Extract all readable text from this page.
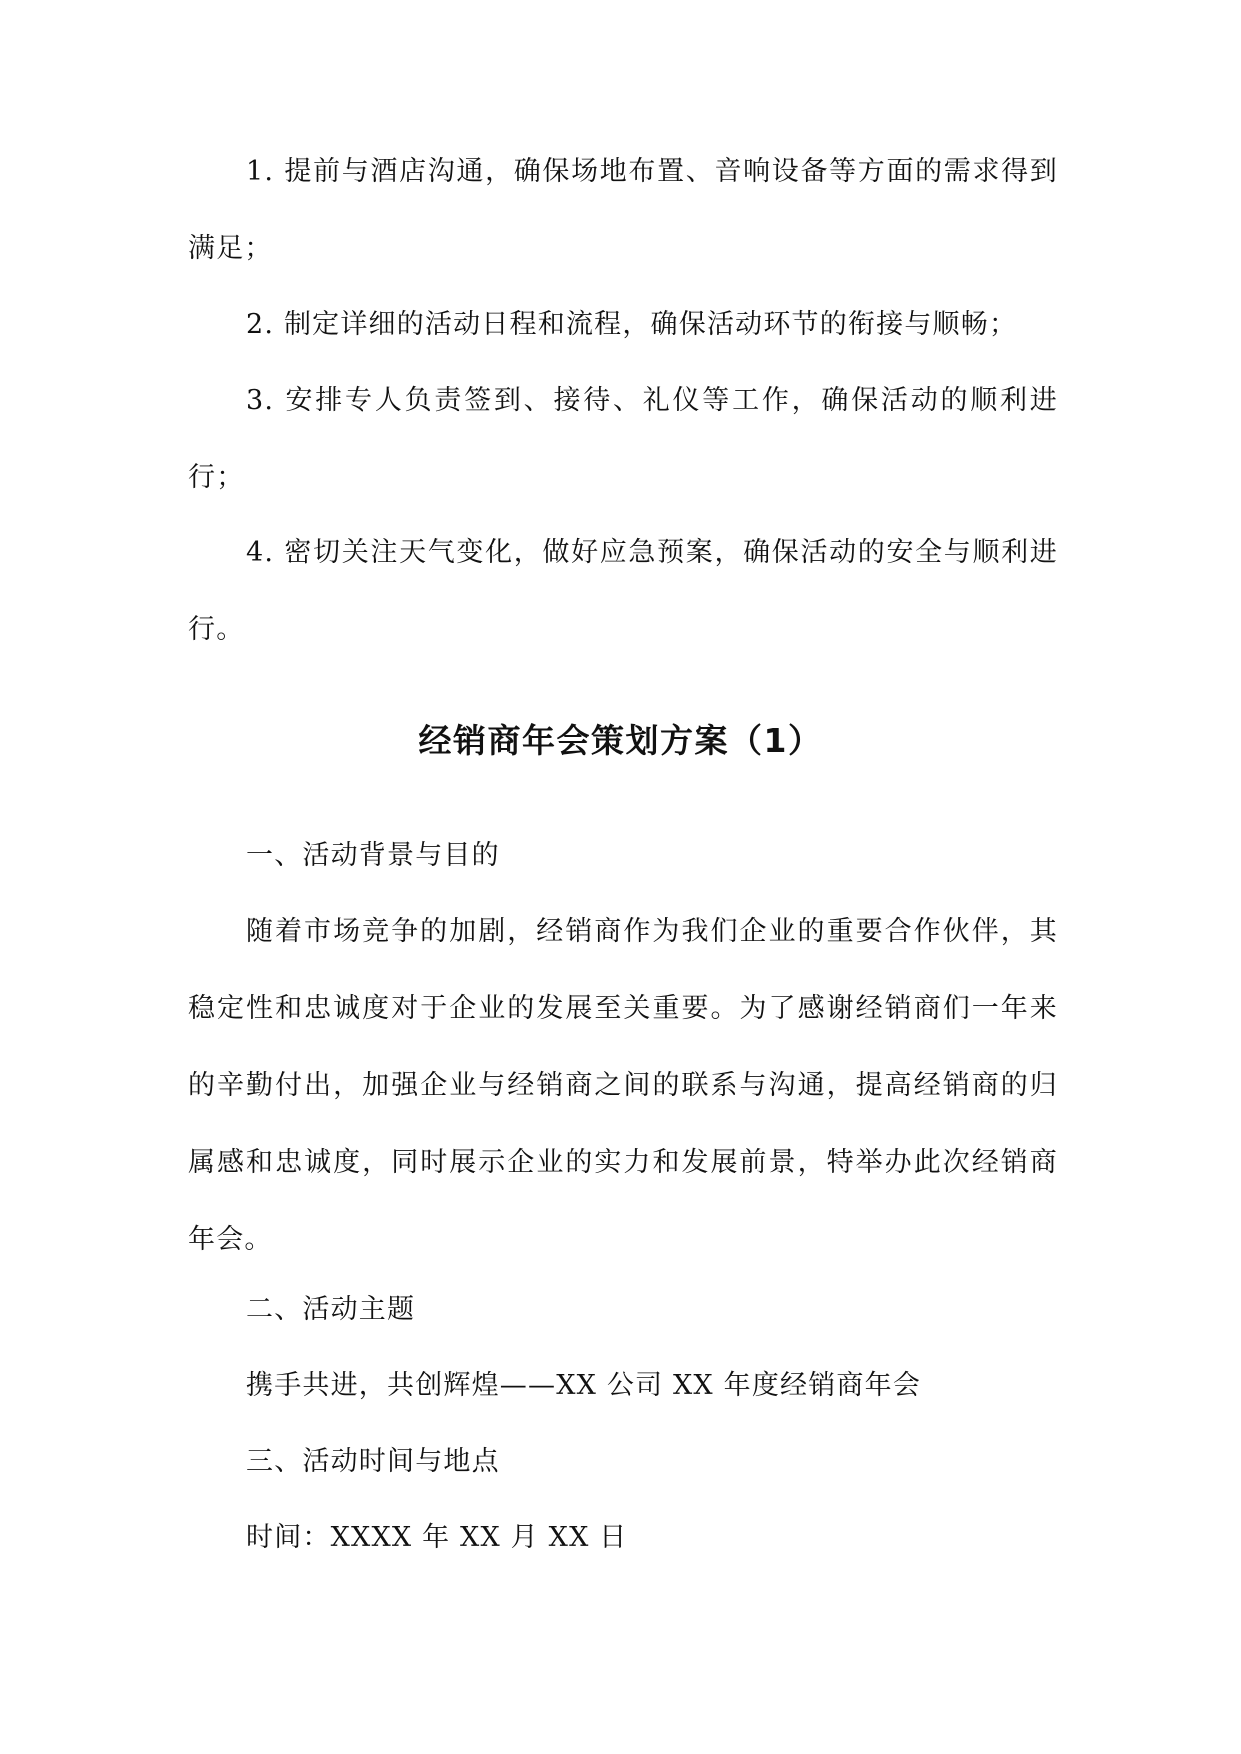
1. 提前与酒店沟通，确保场地布置、音响设备等方面的需求得到满足；

2. 制定详细的活动日程和流程，确保活动环节的衔接与顺畅；

3. 安排专人负责签到、接待、礼仪等工作，确保活动的顺利进行；

4. 密切关注天气变化，做好应急预案，确保活动的安全与顺利进行。

经销商年会策划方案（1）

一、活动背景与目的

随着市场竞争的加剧，经销商作为我们企业的重要合作伙伴，其稳定性和忠诚度对于企业的发展至关重要。为了感谢经销商们一年来的辛勤付出，加强企业与经销商之间的联系与沟通，提高经销商的归属感和忠诚度，同时展示企业的实力和发展前景，特举办此次经销商年会。

二、活动主题

携手共进，共创辉煌——XX 公司 XX 年度经销商年会

三、活动时间与地点

时间：XXXX 年 XX 月 XX 日
